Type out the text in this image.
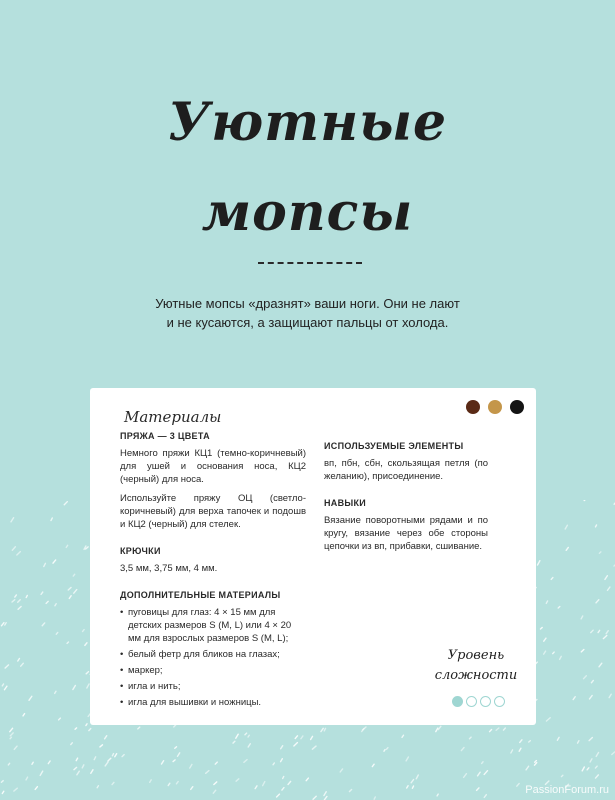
Уютные
мопсы
Уютные мопсы «дразнят» ваши ноги. Они не лают и не кусаются, а защищают пальцы от холода.
Материалы
ПРЯЖА — 3 ЦВЕТА
Немного пряжи КЦ1 (темно-коричневый) для ушей и основания носа, КЦ2 (черный) для носа.
Используйте пряжу ОЦ (светло-коричневый) для верха тапочек и подошв и КЦ2 (черный) для стелек.
КРЮЧКИ
3,5 мм, 3,75 мм, 4 мм.
ДОПОЛНИТЕЛЬНЫЕ МАТЕРИАЛЫ
• пуговицы для глаз: 4 × 15 мм для детских размеров S (M, L) или 4 × 20 мм для взрослых размеров S (M, L);
• белый фетр для бликов на глазах;
• маркер;
• игла и нить;
• игла для вышивки и ножницы.
ИСПОЛЬЗУЕМЫЕ ЭЛЕМЕНТЫ
вп, пбн, сбн, скользящая петля (по желанию), присоединение.
НАВЫКИ
Вязание поворотными рядами и по кругу, вязание через обе стороны цепочки из вп, прибавки, сшивание.
Уровень
сложности
PassionForum.ru
